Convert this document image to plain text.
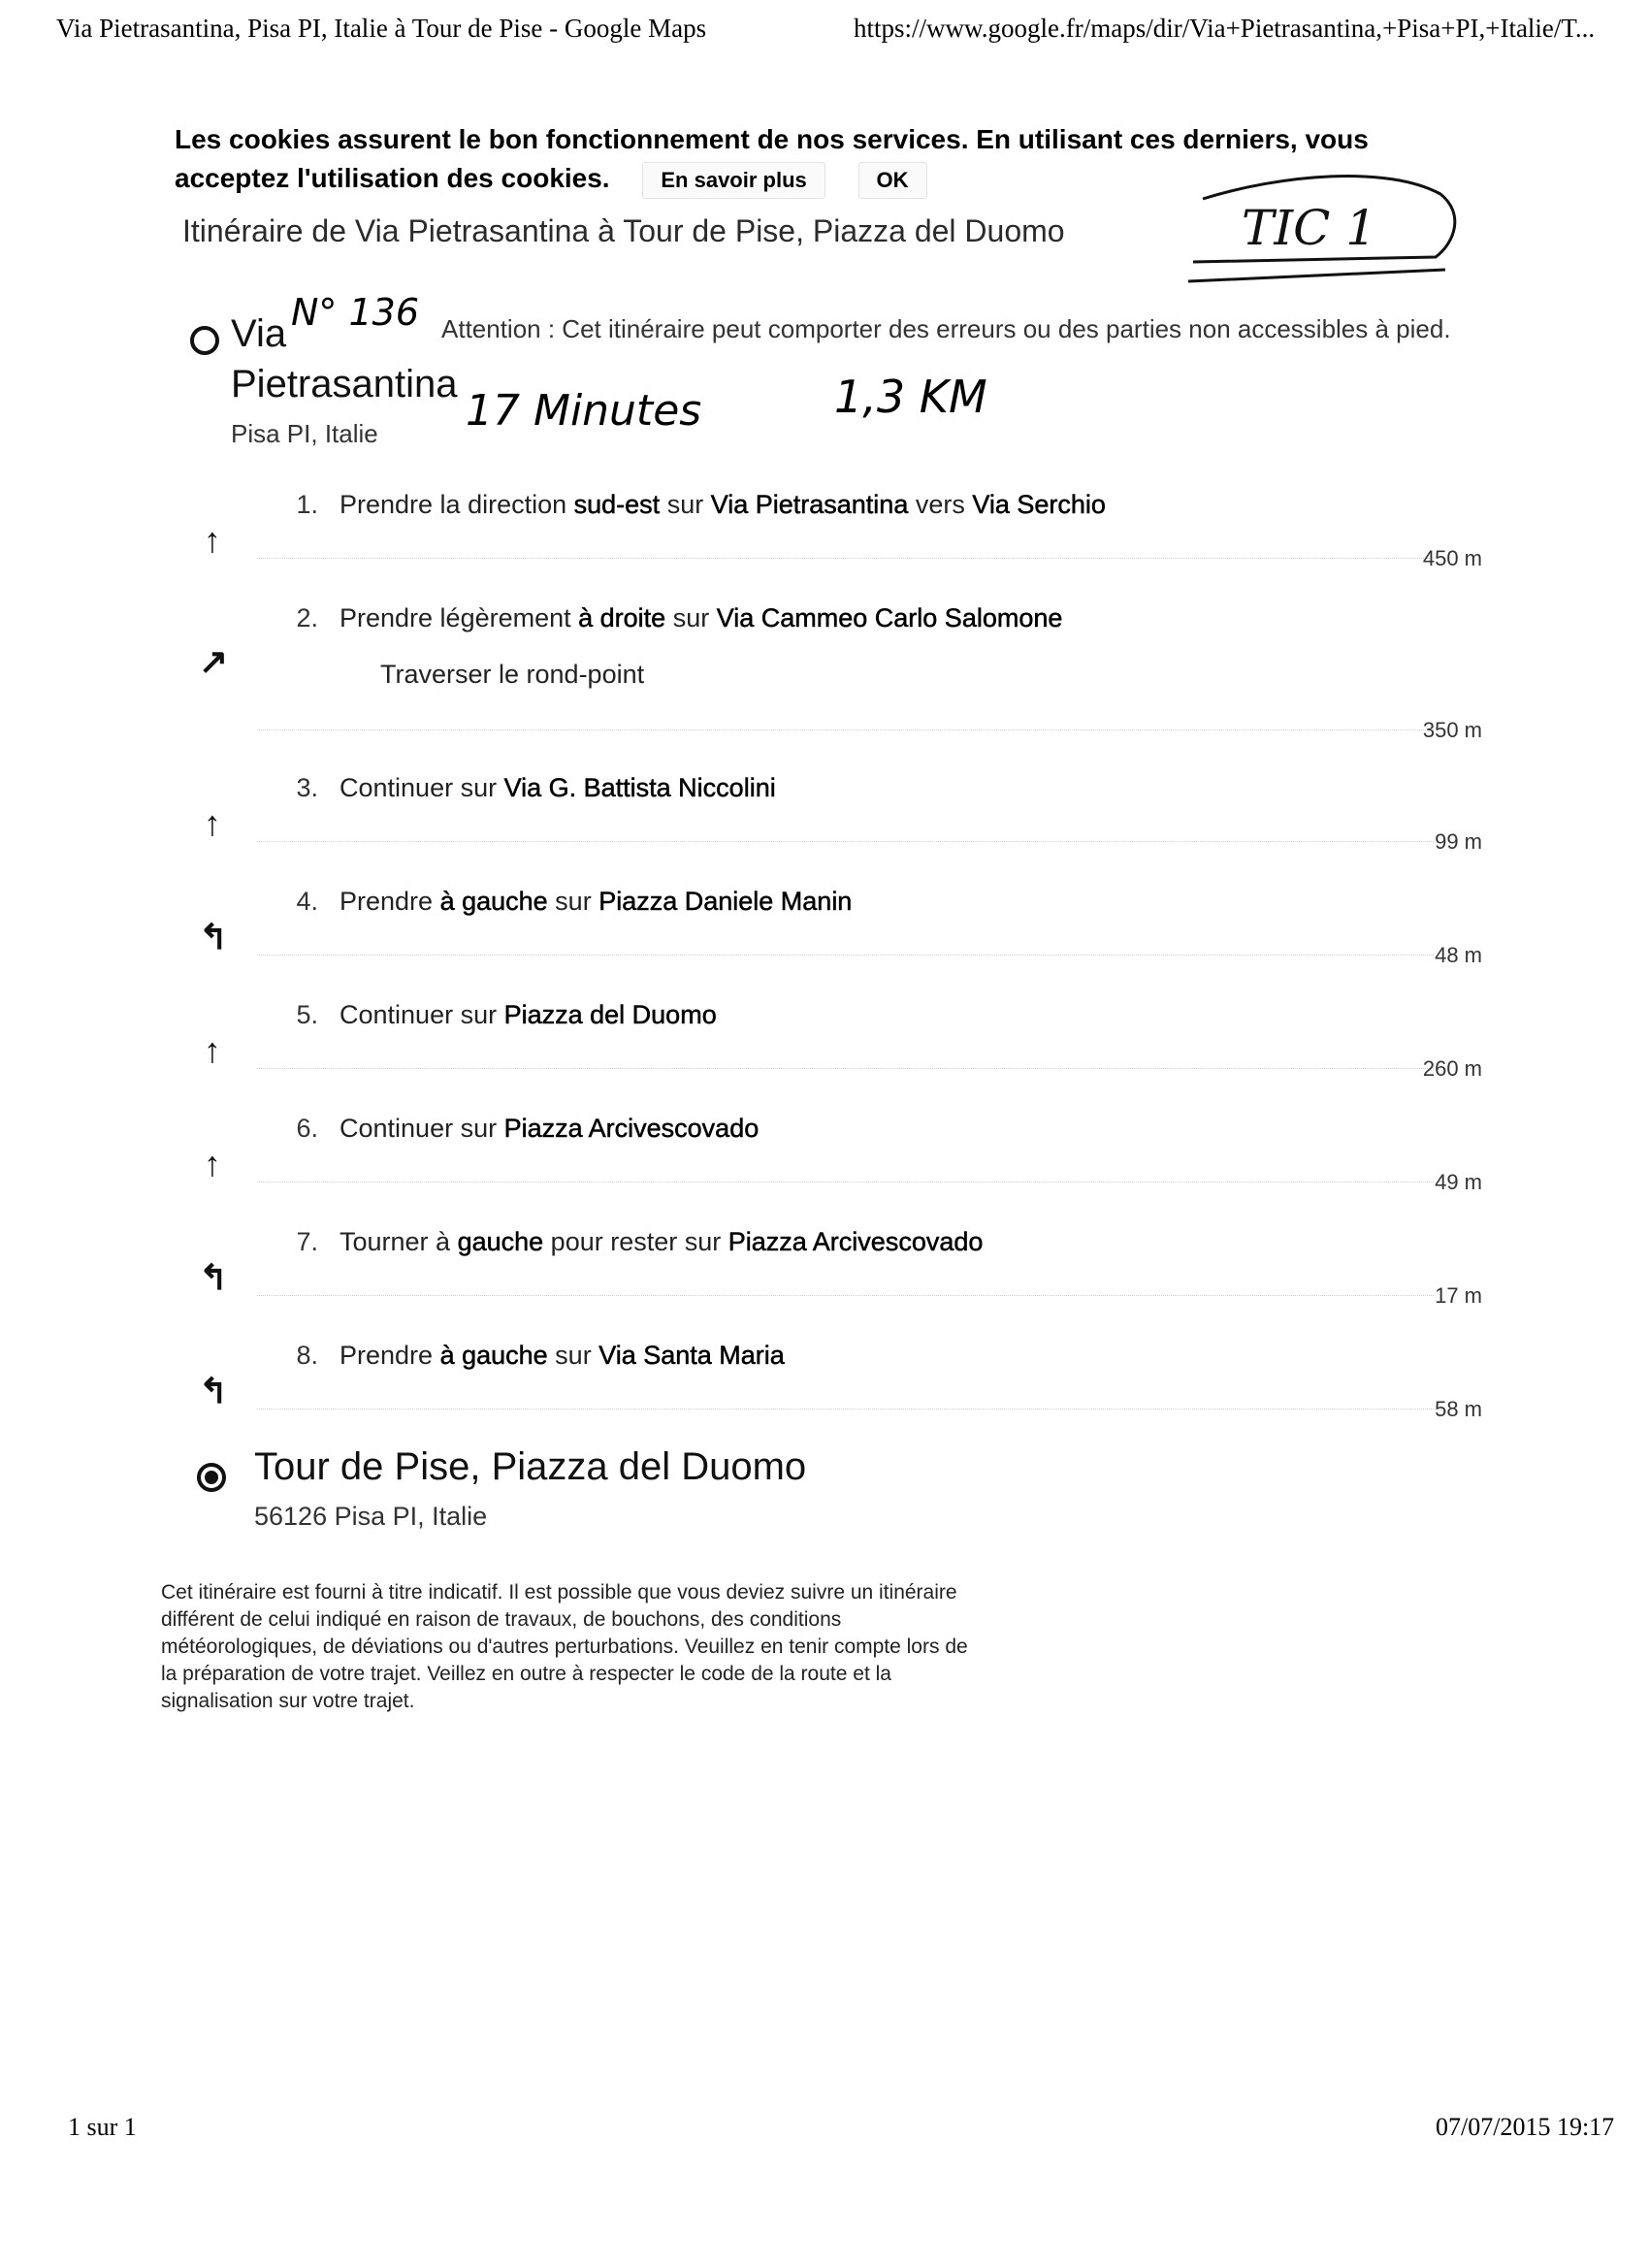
Via Pietrasantina, Pisa PI, Italie à Tour de Pise - Google Maps	https://www.google.fr/maps/dir/Via+Pietrasantina,+Pisa+PI,+Italie/T...
Les cookies assurent le bon fonctionnement de nos services. En utilisant ces derniers, vous acceptez l'utilisation des cookies. En savoir plus	OK
TIC 1
Itinéraire de Via Pietrasantina à Tour de Pise, Piazza del Duomo
Via Pietrasantina
Pisa PI, Italie
Attention : Cet itinéraire peut comporter des erreurs ou des parties non accessibles à pied.
N° 136
17 Minutes	1,3 KM
↑
1. Prendre la direction sud-est sur Via Pietrasantina vers Via Serchio
450 m
↗
2. Prendre légèrement à droite sur Via Cammeo Carlo Salomone
Traverser le rond-point
350 m
↑
3. Continuer sur Via G. Battista Niccolini
99 m
↰
4. Prendre à gauche sur Piazza Daniele Manin
48 m
↑
5. Continuer sur Piazza del Duomo
260 m
↑
6. Continuer sur Piazza Arcivescovado
49 m
↰
7. Tourner à gauche pour rester sur Piazza Arcivescovado
17 m
↰
8. Prendre à gauche sur Via Santa Maria
58 m
Tour de Pise, Piazza del Duomo
56126 Pisa PI, Italie
Cet itinéraire est fourni à titre indicatif. Il est possible que vous deviez suivre un itinéraire différent de celui indiqué en raison de travaux, de bouchons, des conditions météorologiques, de déviations ou d'autres perturbations. Veuillez en tenir compte lors de la préparation de votre trajet. Veillez en outre à respecter le code de la route et la signalisation sur votre trajet.
1 sur 1	07/07/2015 19:17
